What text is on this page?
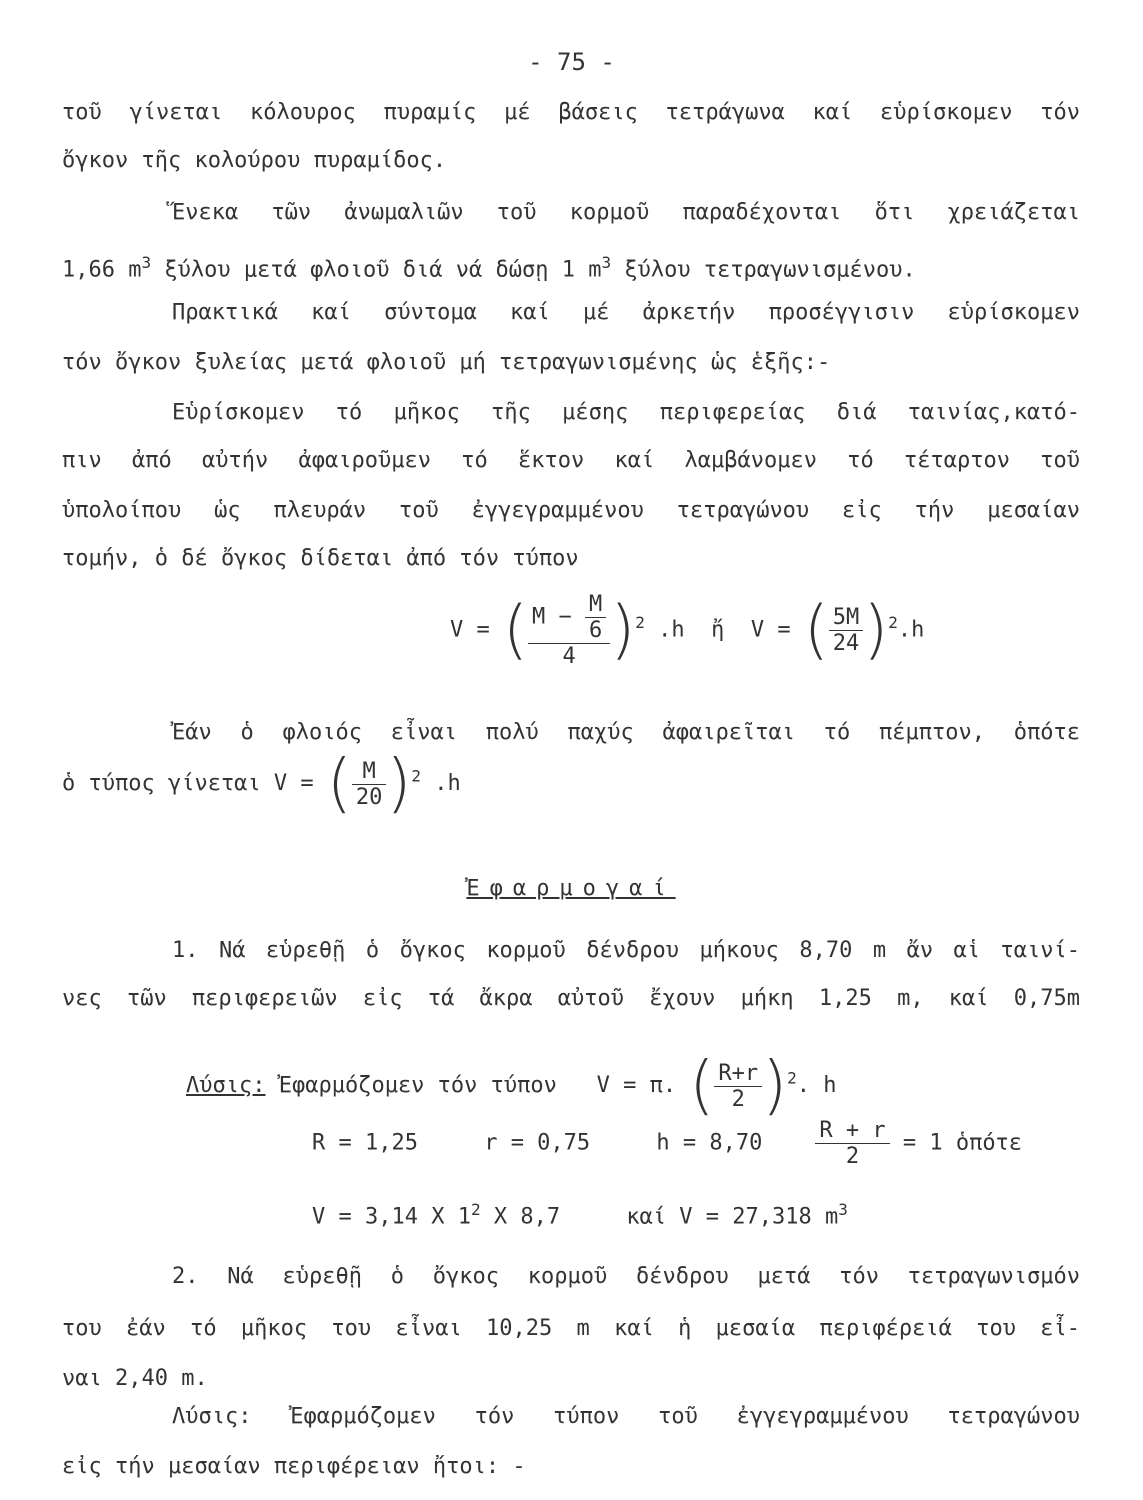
- 75 -
τοῦ γίνεται κόλουρος πυραμίς μέ βάσεις τετράγωνα καί εὑρίσκομεν τόν
ὄγκον τῆς κολούρου πυραμίδος.
Ἕνεκα τῶν ἀνωμαλιῶν τοῦ κορμοῦ παραδέχονται ὅτι χρειάζεται
1,66 $m^3$ ξύλου μετά φλοιοῦ διά νά δώσῃ 1 $m^3$ ξύλου τετραγωνισμένου.
Πρακτικά καί σύντομα καί μέ ἀρκετήν προσέγγισιν εὑρίσκομεν
τόν ὄγκον ξυλείας μετά φλοιοῦ μή τετραγωνισμένης ὡς ἑξῆς:-
Εὑρίσκομεν τό μῆκος τῆς μέσης περιφερείας διά ταινίας,κατό-
πιν ἀπό αὐτήν ἀφαιροῦμεν τό ἕκτον καί λαμβάνομεν τό τέταρτον τοῦ
ὑπολοίπου ὡς πλευράν τοῦ ἐγγεγραμμένου τετραγώνου εἰς τήν μεσαίαν
τομήν, ὁ δέ ὄγκος δίδεται ἀπό τόν τύπον
V = ( $\frac{M - \frac{M}{6}}{4} )^2$ .h ἤ V = ( $\frac{5M}{24} )^2.h$
Ἐάν ὁ φλοιός εἶναι πολύ παχύς ἀφαιρεῖται τό πέμπτον, ὁπότε
ὁ τύπος γίνεται V = ( $\frac{M}{20} )^2$ .h
Ἐφαρμογαί
1. Νά εὑρεθῇ ὁ ὄγκος κορμοῦ δένδρου μήκους 8,70 m ἄν αἱ ταινί-
νες τῶν περιφερειῶν εἰς τά ἄκρα αὐτοῦ ἔχουν μήκη 1,25 m, καί 0,75m
Λύσις: Ἐφαρμόζομεν τόν τύπον V = π. ( $\frac{R+r}{2} )^2$. h
R = 1,25	r = 0,75	$h = 8,70 \frac{R + r}{2} = 1$ ὁπότε
V = 3,14 X $1^2$ X 8,7	καί V = 27,318 $m^3$
2. Νά εὑρεθῇ ὁ ὄγκος κορμοῦ δένδρου μετά τόν τετραγωνισμόν
του ἐάν τό μῆκος του εἶναι 10,25 m καί ἡ μεσαία περιφέρειά του εἶ-
ναι 2,40 m.
Λύσις: Ἐφαρμόζομεν τόν τύπον τοῦ ἐγγεγραμμένου τετραγώνου
εἰς τήν μεσαίαν περιφέρειαν ἤτοι: -
